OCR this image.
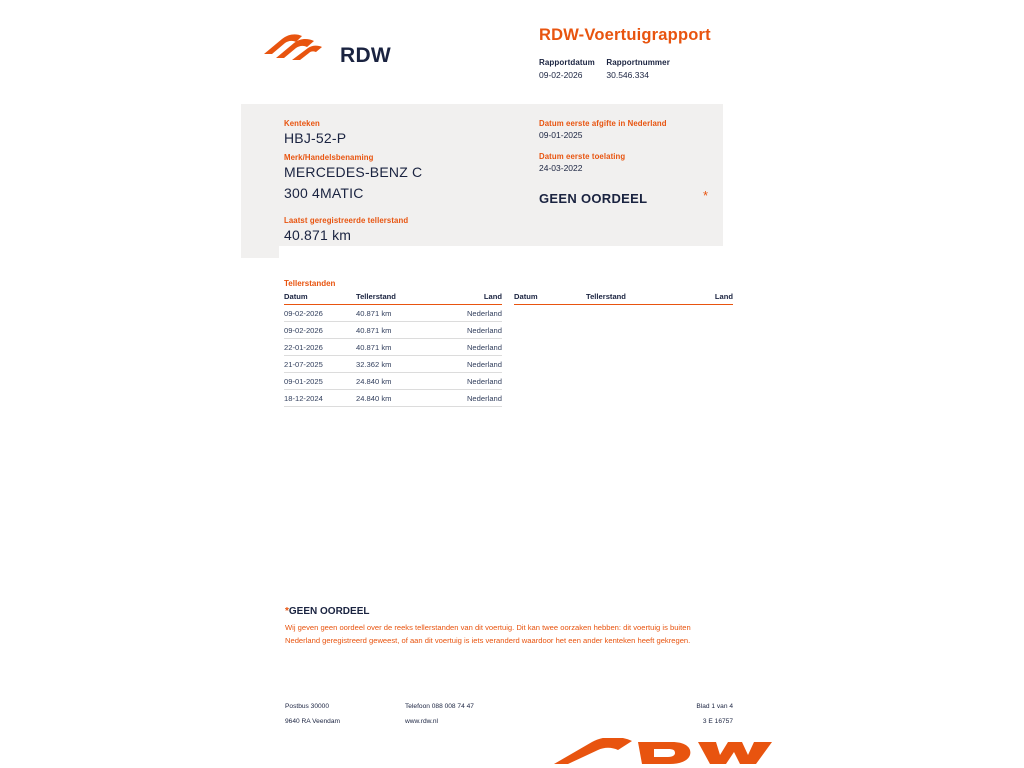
RDW
RDW-Voertuigrapport
Rapportdatum
09-02-2026

Rapportnummer
30.546.334
Kenteken
HBJ-52-P
Merk/Handelsbenaming
MERCEDES-BENZ C
300 4MATIC
Laatst geregistreerde tellerstand
40.871 km
Datum eerste afgifte in Nederland
09-01-2025
Datum eerste toelating
24-03-2022
GEEN OORDEEL	*
Tellerstanden
Datum	Tellerstand	Land
09-02-2026	40.871 km	Nederland
09-02-2026	40.871 km	Nederland
22-01-2026	40.871 km	Nederland
21-07-2025	32.362 km	Nederland
09-01-2025	24.840 km	Nederland
18-12-2024	24.840 km	Nederland
Datum	Tellerstand	Land
*GEEN OORDEEL
Wij geven geen oordeel over de reeks tellerstanden van dit voertuig. Dit kan twee oorzaken hebben: dit voertuig is buiten Nederland geregistreerd geweest, of aan dit voertuig is iets veranderd waardoor het een ander kenteken heeft gekregen.
Postbus 30000
9640 RA Veendam
Telefoon 088 008 74 47
www.rdw.nl
Blad 1 van 4
3 E 16757
